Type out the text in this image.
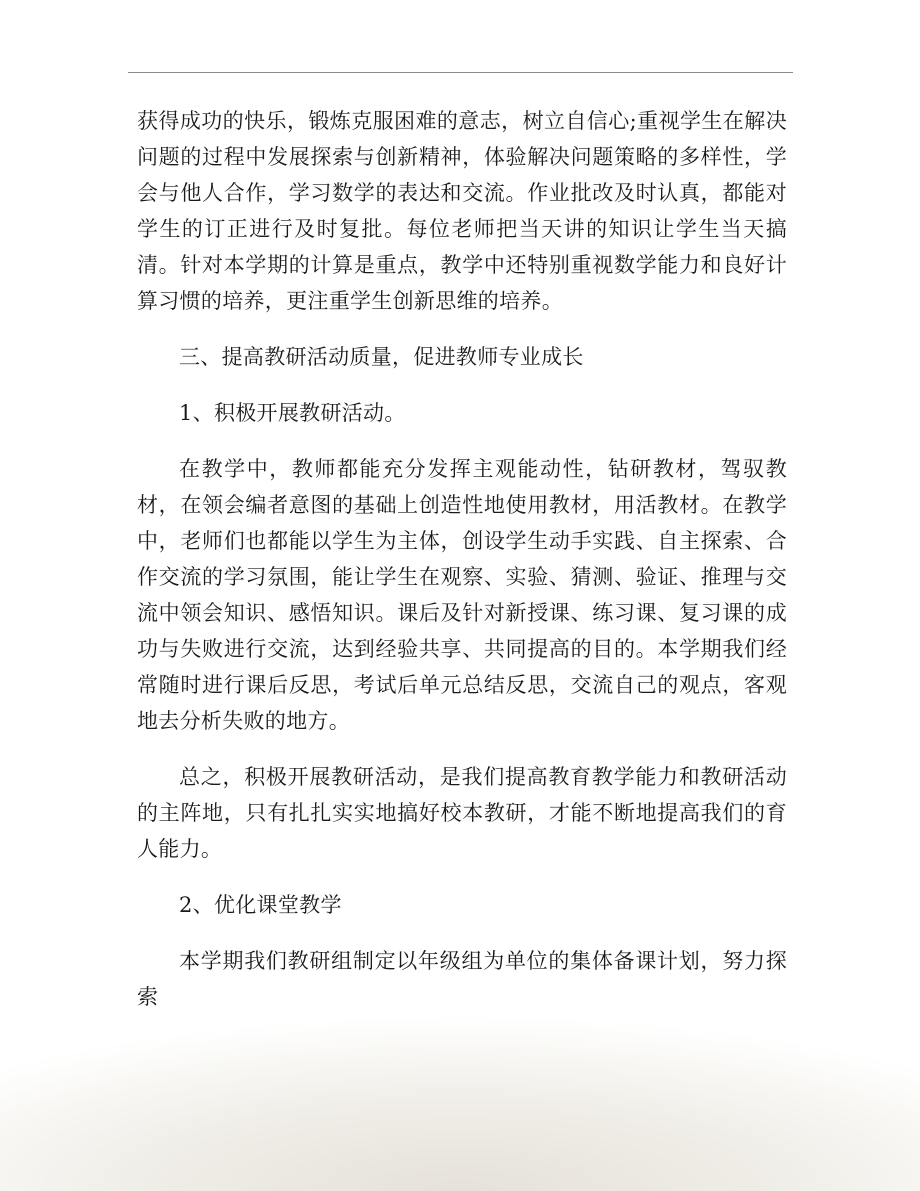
获得成功的快乐，锻炼克服困难的意志，树立自信心;重视学生在解决问题的过程中发展探索与创新精神，体验解决问题策略的多样性，学会与他人合作，学习数学的表达和交流。作业批改及时认真，都能对学生的订正进行及时复批。每位老师把当天讲的知识让学生当天搞清。针对本学期的计算是重点，教学中还特别重视数学能力和良好计算习惯的培养，更注重学生创新思维的培养。

三、提高教研活动质量，促进教师专业成长

1、积极开展教研活动。

在教学中，教师都能充分发挥主观能动性，钻研教材，驾驭教材，在领会编者意图的基础上创造性地使用教材，用活教材。在教学中，老师们也都能以学生为主体，创设学生动手实践、自主探索、合作交流的学习氛围，能让学生在观察、实验、猜测、验证、推理与交流中领会知识、感悟知识。课后及针对新授课、练习课、复习课的成功与失败进行交流，达到经验共享、共同提高的目的。本学期我们经常随时进行课后反思，考试后单元总结反思，交流自己的观点，客观地去分析失败的地方。

总之，积极开展教研活动，是我们提高教育教学能力和教研活动的主阵地，只有扎扎实实地搞好校本教研，才能不断地提高我们的育人能力。

2、优化课堂教学

本学期我们教研组制定以年级组为单位的集体备课计划，努力探索
